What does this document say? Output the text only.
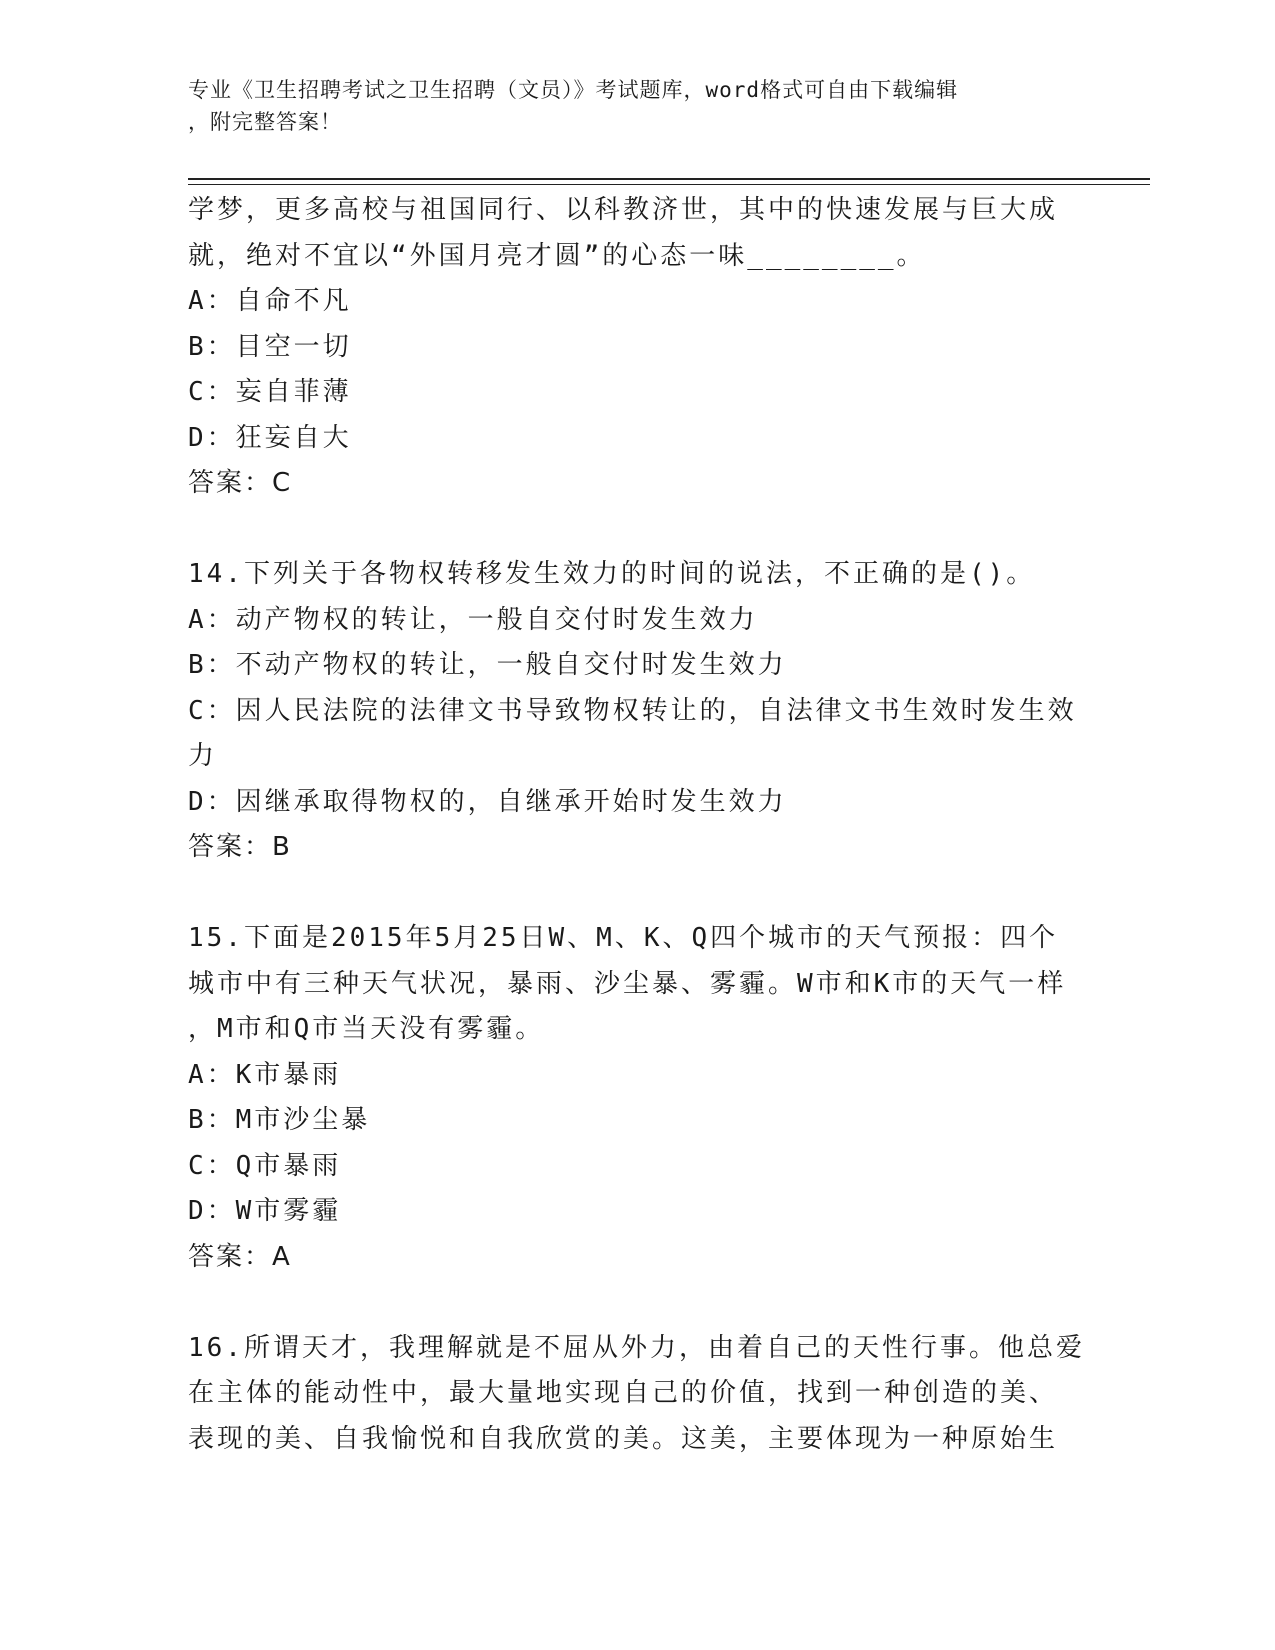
专业《卫生招聘考试之卫生招聘（文员）》考试题库，word格式可自由下载编辑
，附完整答案！
学梦，更多高校与祖国同行、以科教济世，其中的快速发展与巨大成
就，绝对不宜以“外国月亮才圆”的心态一味________。
A：自命不凡
B：目空一切
C：妄自菲薄
D：狂妄自大
答案：C
14.下列关于各物权转移发生效力的时间的说法，不正确的是()。
A：动产物权的转让，一般自交付时发生效力
B：不动产物权的转让，一般自交付时发生效力
C：因人民法院的法律文书导致物权转让的，自法律文书生效时发生效
力
D：因继承取得物权的，自继承开始时发生效力
答案：B
15.下面是2015年5月25日W、M、K、Q四个城市的天气预报：四个
城市中有三种天气状况，暴雨、沙尘暴、雾霾。W市和K市的天气一样
，M市和Q市当天没有雾霾。
A：K市暴雨
B：M市沙尘暴
C：Q市暴雨
D：W市雾霾
答案：A
16.所谓天才，我理解就是不屈从外力，由着自己的天性行事。他总爱
在主体的能动性中，最大量地实现自己的价值，找到一种创造的美、
表现的美、自我愉悦和自我欣赏的美。这美，主要体现为一种原始生
